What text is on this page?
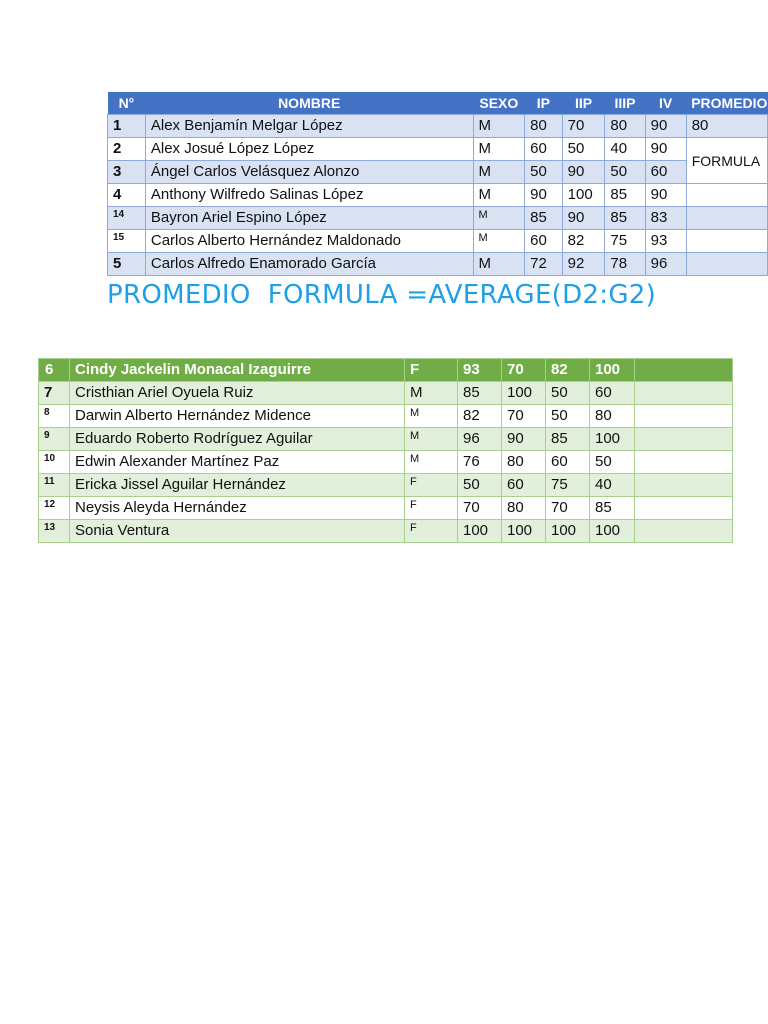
N°	NOMBRE	SEXO	IP	IIP	IIIP	IV	PROMEDIO
1	Alex Benjamín Melgar López	M	80	70	80	90	80
2	Alex Josué López López	M	60	50	40	90	FORMULA
3	Ángel Carlos Velásquez Alonzo	M	50	90	50	60	
4	Anthony Wilfredo Salinas López	M	90	100	85	90	
14	Bayron Ariel Espino López	M	85	90	85	83	
15	Carlos Alberto Hernández Maldonado	M	60	82	75	93	
5	Carlos Alfredo Enamorado García	M	72	92	78	96	

PROMEDIO  FORMULA =AVERAGE(D2:G2)

6	Cindy Jackelin Monacal Izaguirre	F	93	70	82	100	
7	Cristhian Ariel Oyuela Ruiz	M	85	100	50	60	
8	Darwin Alberto Hernández Midence	M	82	70	50	80	
9	Eduardo Roberto Rodríguez Aguilar	M	96	90	85	100	
10	Edwin Alexander Martínez Paz	M	76	80	60	50	
11	Ericka Jissel Aguilar Hernández	F	50	60	75	40	
12	Neysis Aleyda Hernández	F	70	80	70	85	
13	Sonia Ventura	F	100	100	100	100	
